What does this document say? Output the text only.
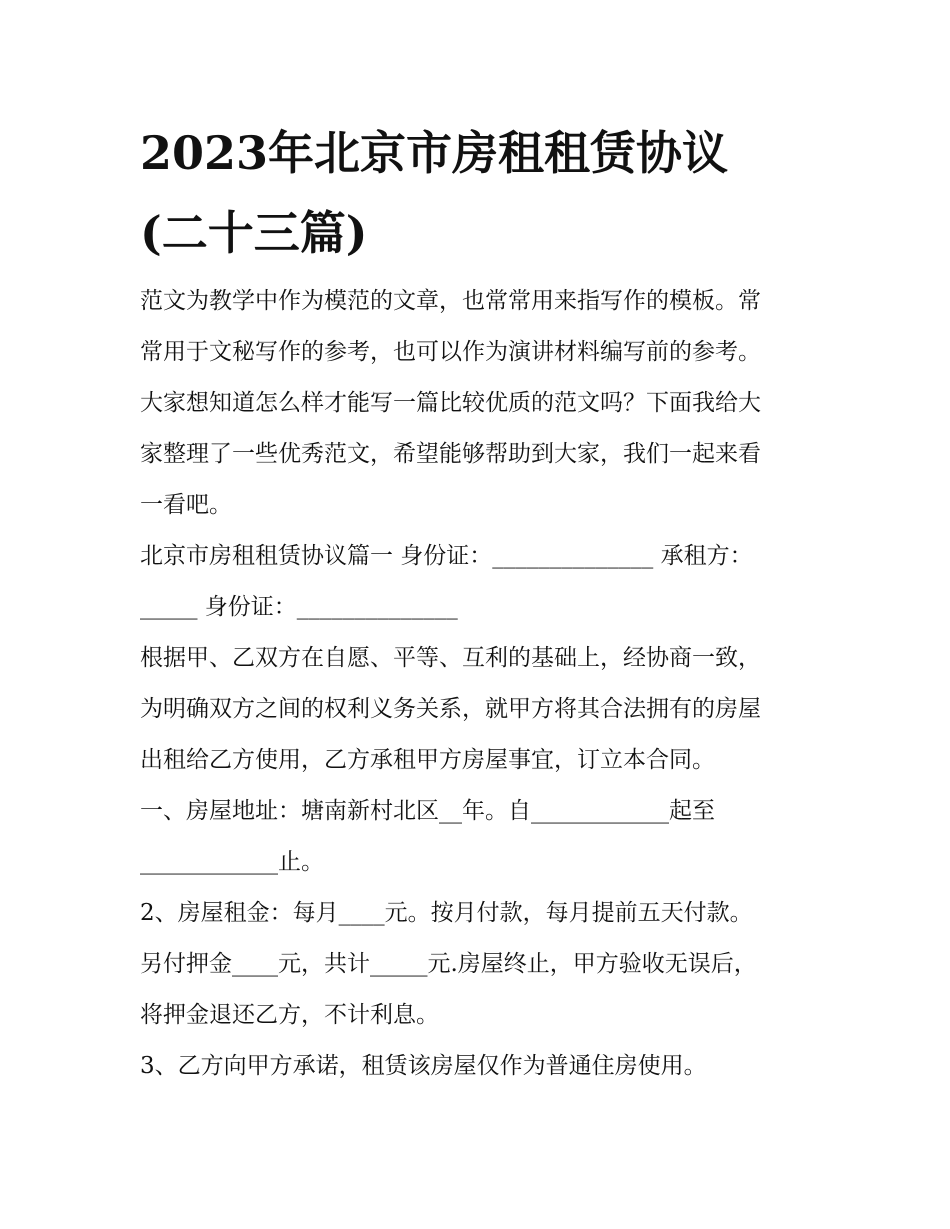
2023年北京市房租租赁协议
(二十三篇)

范文为教学中作为模范的文章，也常常用来指写作的模板。常
常用于文秘写作的参考，也可以作为演讲材料编写前的参考。
大家想知道怎么样才能写一篇比较优质的范文吗？下面我给大
家整理了一些优秀范文，希望能够帮助到大家，我们一起来看
一看吧。

北京市房租租赁协议篇一 身份证：______________ 承租方：
_____ 身份证：______________

根据甲、乙双方在自愿、平等、互利的基础上，经协商一致，
为明确双方之间的权利义务关系，就甲方将其合法拥有的房屋
出租给乙方使用，乙方承租甲方房屋事宜，订立本合同。

一、房屋地址：塘南新村北区__年。自____________起至
____________止。

2、房屋租金：每月____元。按月付款，每月提前五天付款。
另付押金____元，共计_____元.房屋终止，甲方验收无误后，
将押金退还乙方，不计利息。

3、乙方向甲方承诺，租赁该房屋仅作为普通住房使用。
